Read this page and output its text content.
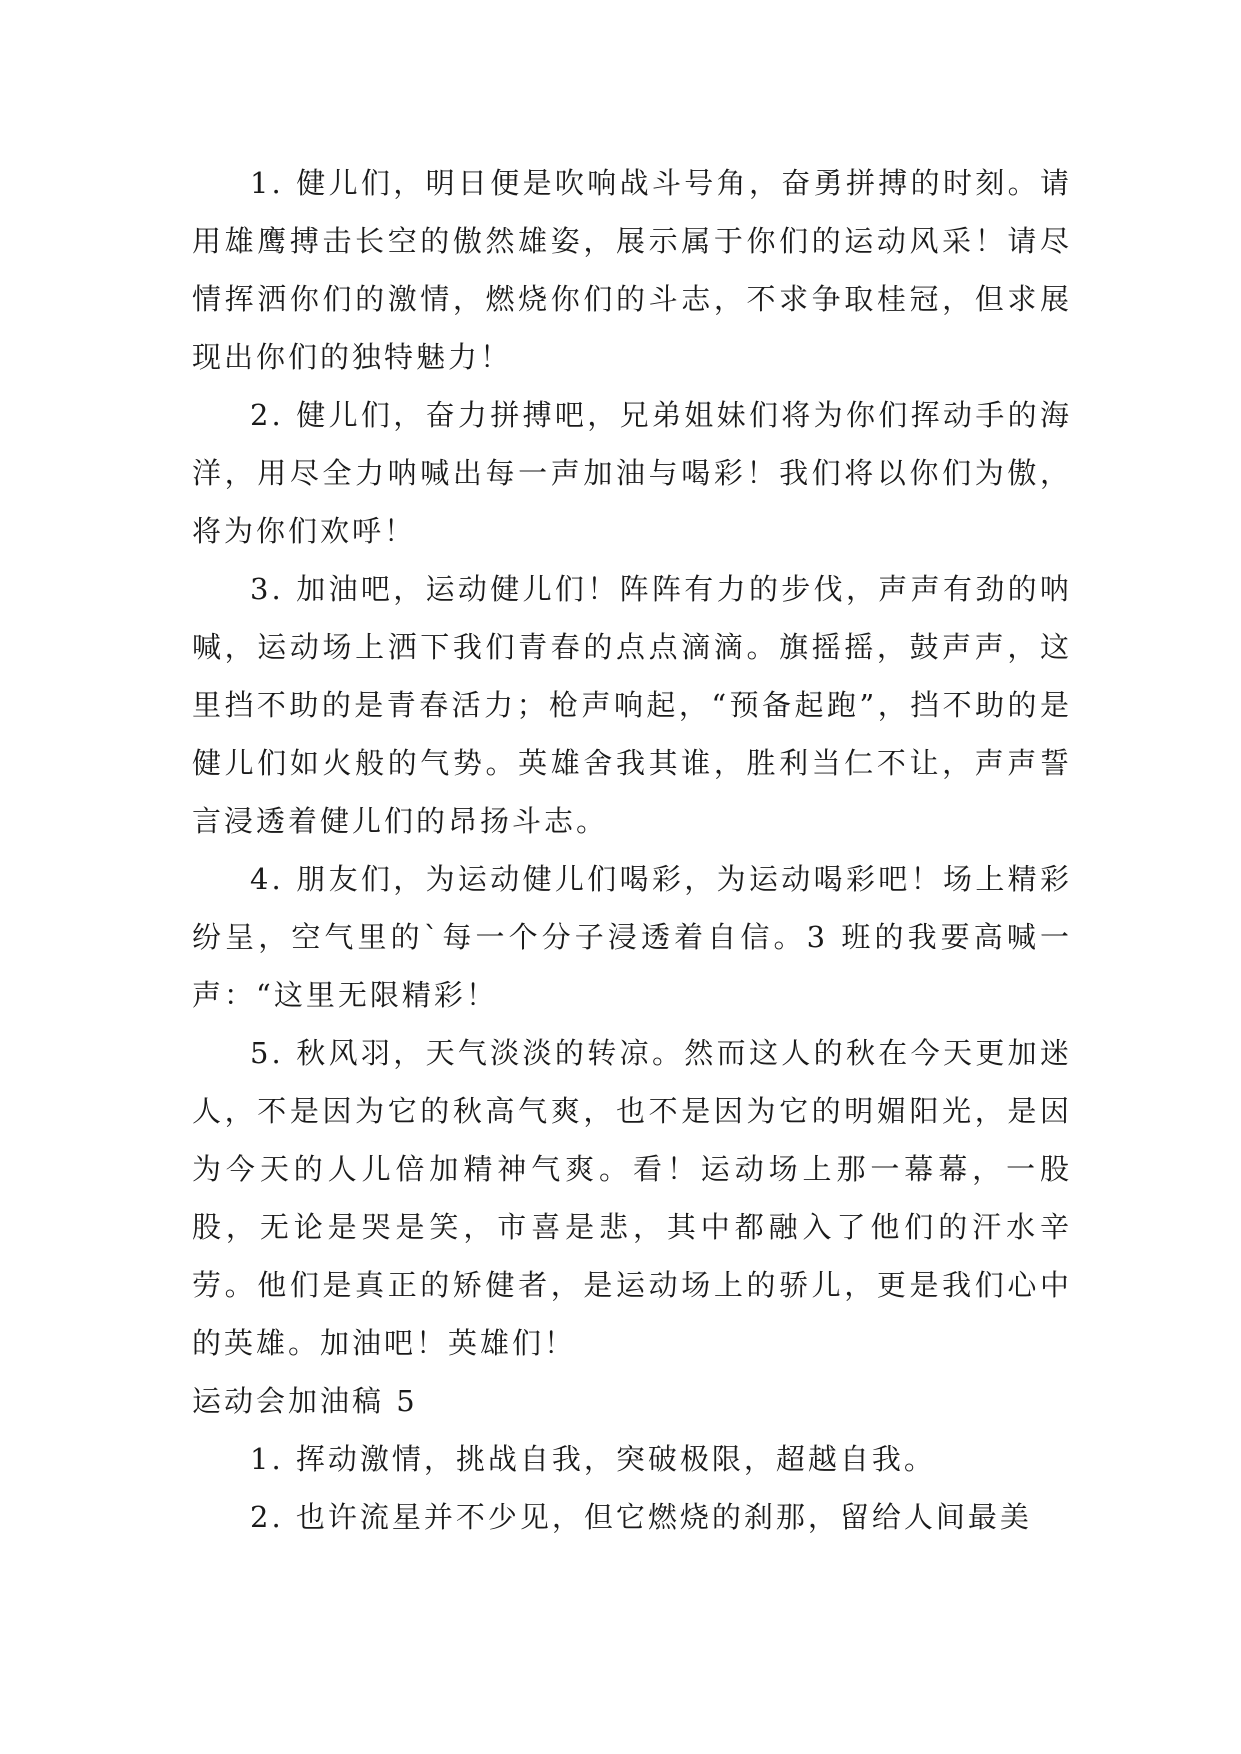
1. 健儿们，明日便是吹响战斗号角，奋勇拼搏的时刻。请用雄鹰搏击长空的傲然雄姿，展示属于你们的运动风采！请尽情挥洒你们的激情，燃烧你们的斗志，不求争取桂冠，但求展现出你们的独特魅力！

2. 健儿们，奋力拼搏吧，兄弟姐妹们将为你们挥动手的海洋，用尽全力呐喊出每一声加油与喝彩！我们将以你们为傲，将为你们欢呼！

3. 加油吧，运动健儿们！阵阵有力的步伐，声声有劲的呐喊，运动场上洒下我们青春的点点滴滴。旗摇摇，鼓声声，这里挡不助的是青春活力；枪声响起，“预备起跑”，挡不助的是健儿们如火般的气势。英雄舍我其谁，胜利当仁不让，声声誓言浸透着健儿们的昂扬斗志。

4. 朋友们，为运动健儿们喝彩，为运动喝彩吧！场上精彩纷呈，空气里的`每一个分子浸透着自信。3 班的我要高喊一声：“这里无限精彩！

5. 秋风羽，天气淡淡的转凉。然而这人的秋在今天更加迷人，不是因为它的秋高气爽，也不是因为它的明媚阳光，是因为今天的人儿倍加精神气爽。看！运动场上那一幕幕，一股股，无论是哭是笑，市喜是悲，其中都融入了他们的汗水辛劳。他们是真正的矫健者，是运动场上的骄儿，更是我们心中的英雄。加油吧！英雄们！

运动会加油稿 5

1. 挥动激情，挑战自我，突破极限，超越自我。

2. 也许流星并不少见，但它燃烧的刹那，留给人间最美
